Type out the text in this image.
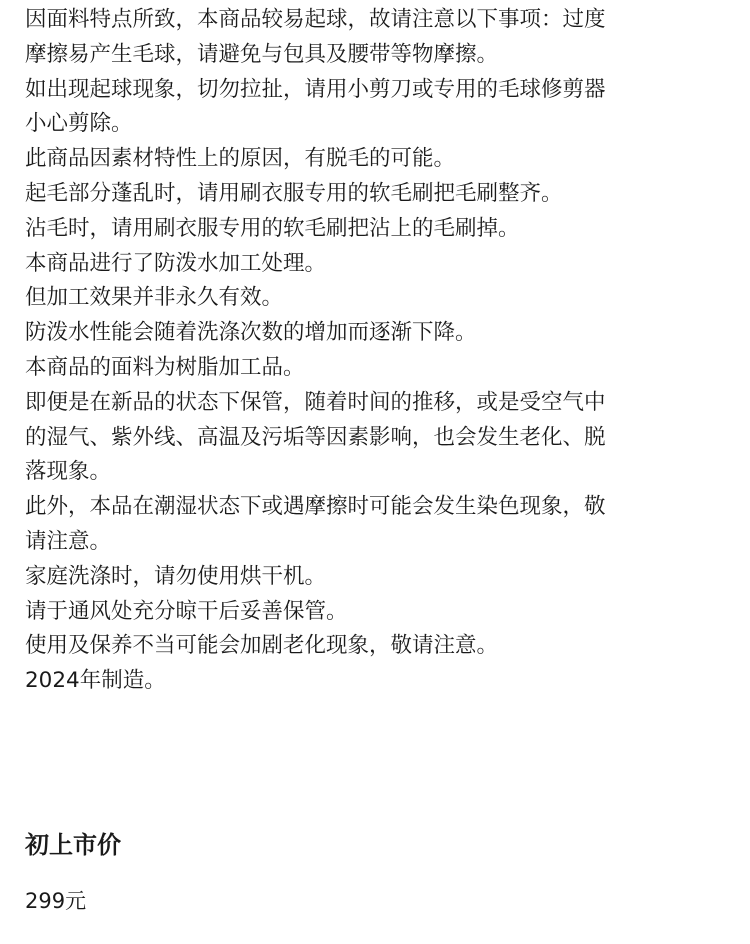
因面料特点所致，本商品较易起球，故请注意以下事项：过度
摩擦易产生毛球，请避免与包具及腰带等物摩擦。
如出现起球现象，切勿拉扯，请用小剪刀或专用的毛球修剪器
小心剪除。
此商品因素材特性上的原因，有脱毛的可能。
起毛部分蓬乱时，请用刷衣服专用的软毛刷把毛刷整齐。
沾毛时，请用刷衣服专用的软毛刷把沾上的毛刷掉。
本商品进行了防泼水加工处理。
但加工效果并非永久有效。
防泼水性能会随着洗涤次数的增加而逐渐下降。
本商品的面料为树脂加工品。
即便是在新品的状态下保管，随着时间的推移，或是受空气中
的湿气、紫外线、高温及污垢等因素影响，也会发生老化、脱
落现象。
此外，本品在潮湿状态下或遇摩擦时可能会发生染色现象，敬
请注意。
家庭洗涤时，请勿使用烘干机。
请于通风处充分晾干后妥善保管。
使用及保养不当可能会加剧老化现象，敬请注意。
2024年制造。
初上市价
299元
